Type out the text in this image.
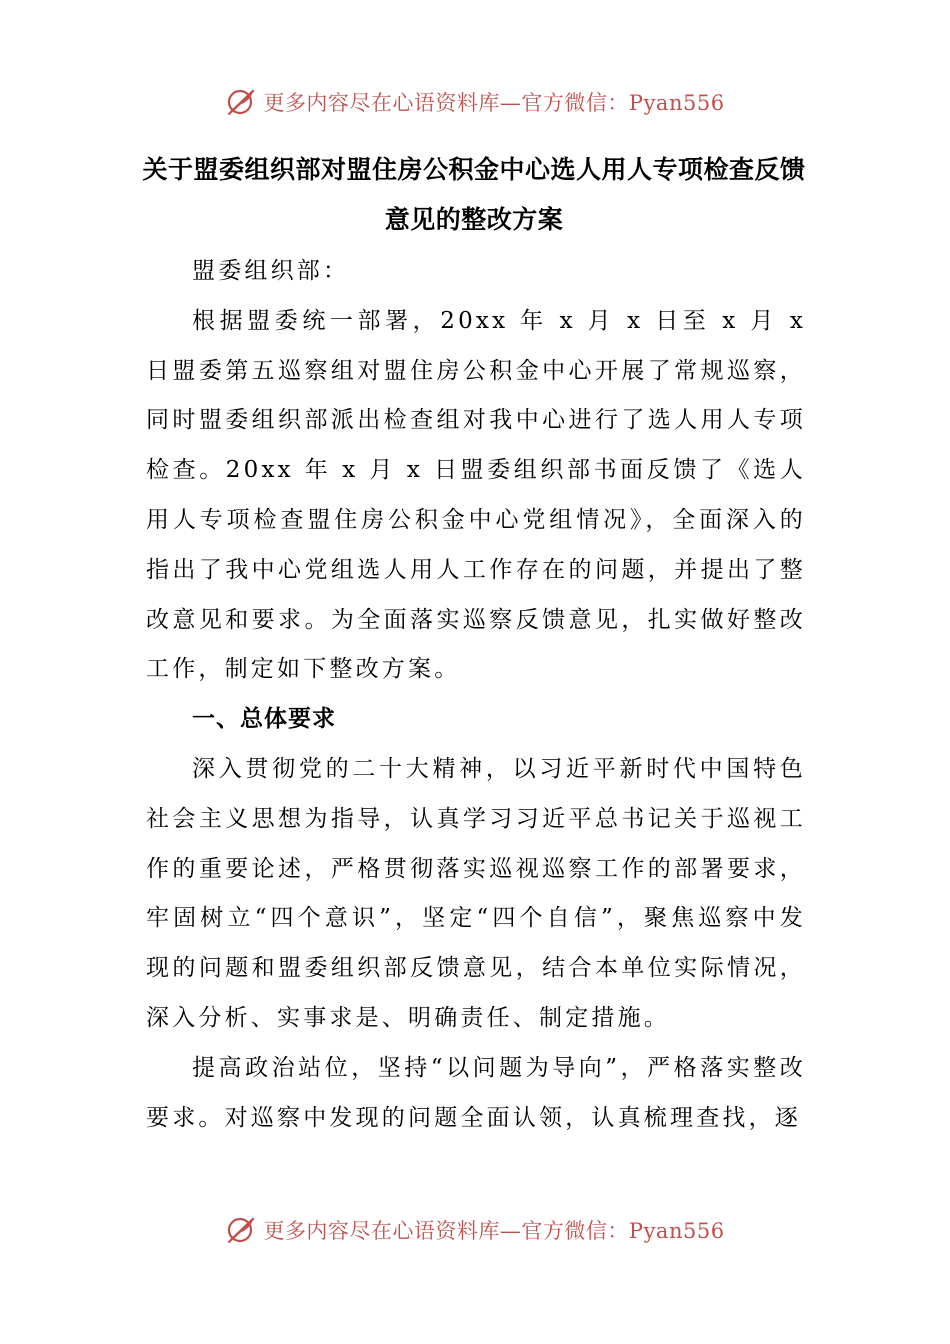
更多内容尽在心语资料库—官方微信：Pyan556
关于盟委组织部对盟住房公积金中心选人用人专项检查反馈意见的整改方案

盟委组织部：

根据盟委统一部署，20xx 年 x 月 x 日至 x 月 x 日盟委第五巡察组对盟住房公积金中心开展了常规巡察，同时盟委组织部派出检查组对我中心进行了选人用人专项检查。20xx 年 x 月 x 日盟委组织部书面反馈了《选人用人专项检查盟住房公积金中心党组情况》，全面深入的指出了我中心党组选人用人工作存在的问题，并提出了整改意见和要求。为全面落实巡察反馈意见，扎实做好整改工作，制定如下整改方案。

一、总体要求

深入贯彻党的二十大精神，以习近平新时代中国特色社会主义思想为指导，认真学习习近平总书记关于巡视工作的重要论述，严格贯彻落实巡视巡察工作的部署要求，牢固树立“四个意识”，坚定“四个自信”，聚焦巡察中发现的问题和盟委组织部反馈意见，结合本单位实际情况，深入分析、实事求是、明确责任、制定措施。

提高政治站位，坚持“以问题为导向”，严格落实整改要求。对巡察中发现的问题全面认领，认真梳理查找，逐

更多内容尽在心语资料库—官方微信：Pyan556
